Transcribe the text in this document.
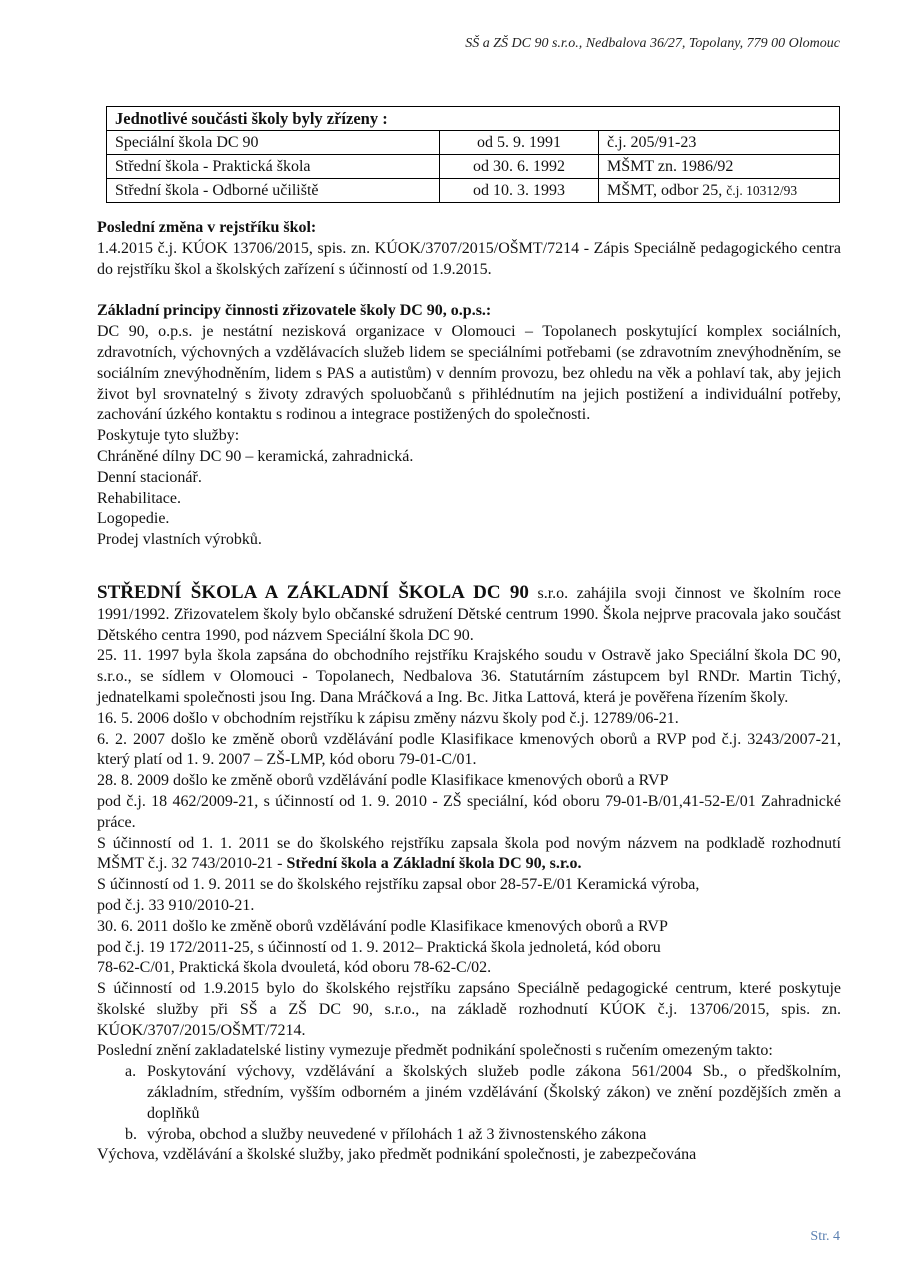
SŠ a ZŠ DC 90 s.r.o., Nedbalova 36/27, Topolany, 779 00 Olomouc
Jednotlivé součásti školy byly zřízeny :		
Speciální škola DC 90	od 5. 9. 1991	č.j. 205/91-23
Střední škola - Praktická škola	od 30. 6. 1992	MŠMT zn. 1986/92
Střední škola - Odborné učiliště	od 10. 3. 1993	MŠMT, odbor 25, č.j. 10312/93

Poslední změna v rejstříku škol:

1.4.2015 č.j. KÚOK 13706/2015, spis. zn. KÚOK/3707/2015/OŠMT/7214 - Zápis Speciálně pedagogického centra do rejstříku škol a školských zařízení s účinností od 1.9.2015.

Základní principy činnosti zřizovatele školy DC 90, o.p.s.:

DC 90, o.p.s. je nestátní nezisková organizace v Olomouci – Topolanech poskytující komplex sociálních, zdravotních, výchovných a vzdělávacích služeb lidem se speciálními potřebami (se zdravotním znevýhodněním, se sociálním znevýhodněním, lidem s PAS a autistům) v denním provozu, bez ohledu na věk a pohlaví tak, aby jejich život byl srovnatelný s životy zdravých spoluobčanů s přihlédnutím na jejich postižení a individuální potřeby, zachování úzkého kontaktu s rodinou a integrace postižených do společnosti.

Poskytuje tyto služby:

Chráněné dílny DC 90 – keramická, zahradnická.

Denní stacionář.

Rehabilitace.

Logopedie.

Prodej vlastních výrobků.

STŘEDNÍ ŠKOLA A ZÁKLADNÍ ŠKOLA DC 90 s.r.o. zahájila svoji činnost ve školním roce 1991/1992. Zřizovatelem školy bylo občanské sdružení Dětské centrum 1990. Škola nejprve pracovala jako součást Dětského centra 1990, pod názvem Speciální škola DC 90.

25. 11. 1997 byla škola zapsána do obchodního rejstříku Krajského soudu v Ostravě jako Speciální škola DC 90, s.r.o., se sídlem v Olomouci - Topolanech, Nedbalova 36. Statutárním zástupcem byl RNDr. Martin Tichý, jednatelkami společnosti jsou Ing. Dana Mráčková a Ing. Bc. Jitka Lattová, která je pověřena řízením školy.

16. 5. 2006 došlo v obchodním rejstříku k zápisu změny názvu školy pod č.j. 12789/06-21.

6. 2. 2007 došlo ke změně oborů vzdělávání podle Klasifikace kmenových oborů a RVP pod č.j. 3243/2007-21, který platí od 1. 9. 2007 – ZŠ-LMP, kód oboru 79-01-C/01.

28. 8. 2009 došlo ke změně oborů vzdělávání podle Klasifikace kmenových oborů a RVP

pod č.j. 18 462/2009-21, s účinností od 1. 9. 2010 - ZŠ speciální, kód oboru 79-01-B/01,41-52-E/01 Zahradnické práce.

S účinností od 1. 1. 2011 se do školského rejstříku zapsala škola pod novým názvem na podkladě rozhodnutí MŠMT č.j. 32 743/2010-21 - Střední škola a Základní škola DC 90, s.r.o.

S účinností od 1. 9. 2011 se do školského rejstříku zapsal obor 28-57-E/01 Keramická výroba,

pod č.j. 33 910/2010-21.

30. 6. 2011 došlo ke změně oborů vzdělávání podle Klasifikace kmenových oborů a RVP

pod č.j. 19 172/2011-25, s účinností od 1. 9. 2012– Praktická škola jednoletá, kód oboru

78-62-C/01, Praktická škola dvouletá, kód oboru 78-62-C/02.

S účinností od 1.9.2015 bylo do školského rejstříku zapsáno Speciálně pedagogické centrum, které poskytuje školské služby při SŠ a ZŠ DC 90, s.r.o., na základě rozhodnutí KÚOK č.j. 13706/2015, spis. zn. KÚOK/3707/2015/OŠMT/7214.

Poslední znění zakladatelské listiny vymezuje předmět podnikání společnosti s ručením omezeným takto:

a. Poskytování výchovy, vzdělávání a školských služeb podle zákona 561/2004 Sb., o předškolním, základním, středním, vyšším odborném a jiném vzdělávání (Školský zákon) ve znění pozdějších změn a doplňků
b. výroba, obchod a služby neuvedené v přílohách 1 až 3 živnostenského zákona

Výchova, vzdělávání a školské služby, jako předmět podnikání společnosti, je zabezpečována

Str. 4
